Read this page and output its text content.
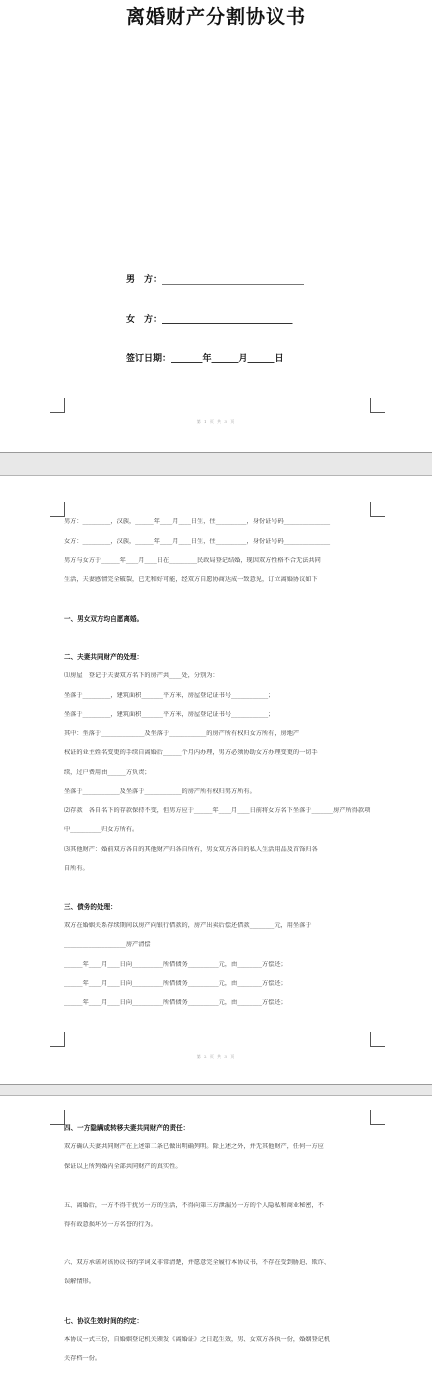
离婚财产分割协议书
男　方：
女　方：_____________________________
签订日期：_______年______月______日
第 1 页 共 3 页
男方：_________，汉族，______年____月____日生，住__________，身份证号码_______________
女方：_________，汉族，______年____月____日生，住__________，身份证号码_______________
男方与女方于______年____月____日在_________民政局登记结婚，现因双方性格不合无法共同
生活，夫妻感情完全破裂，已无和好可能，经双方自愿协商达成一致意见，订立离婚协议如下
一、男女双方均自愿离婚。
二、夫妻共同财产的处理：
⑴房屋　登记于夫妻双方名下的房产共____处，分别为：
坐落于_________，建筑面积_______平方米，房屋登记证书号____________；
坐落于_________，建筑面积_______平方米，房屋登记证书号____________；
其中：坐落于______________及坐落于____________的房产所有权归女方所有，房地产
权证的业主姓名变更的手续自离婚后______个月内办理，男方必须协助女方办理变更的一切手
续，过户费用由______方负责；
坐落于____________及坐落于____________的房产所有权归男方所有。
⑵存款　各自名下的存款保持不变，但男方应于______年____月____日前将女方名下坐落于_______房产所得款项
中__________归女方所有。
⑶其他财产：婚前双方各自的其他财产归各自所有，男女双方各自的私人生活用品及首饰归各
自所有。
三、债务的处理：
双方在婚姻关系存续期间以房产向银行借款的，房产出卖后偿还借款________元，用坐落于
____________________房产清偿
______年____月____日向__________所借债务__________元，由________方偿还；
______年____月____日向__________所借债务__________元，由________方偿还；
______年____月____日向__________所借债务__________元，由________方偿还；
第 2 页 共 3 页
四、一方隐瞒或转移夫妻共同财产的责任：
双方确认夫妻共同财产在上述第二条已做出明确列明。除上述之外，并无其他财产，任何一方应
保证以上所列婚内全部共同财产的真实性。
五、离婚后，一方不得干扰另一方的生活，不得向第三方泄漏另一方的个人隐私和商业秘密，不
得有故意损坏另一方名誉的行为。
六、双方承诺对该协议书的字词义非常清楚，并愿意完全履行本协议书，不存在受到胁迫、欺诈、
误解情形。
七、协议生效时间的约定：
本协议一式三份，自婚姻登记机关颁发《离婚证》之日起生效，男、女双方各执一份，婚姻登记机
关存档一份。
